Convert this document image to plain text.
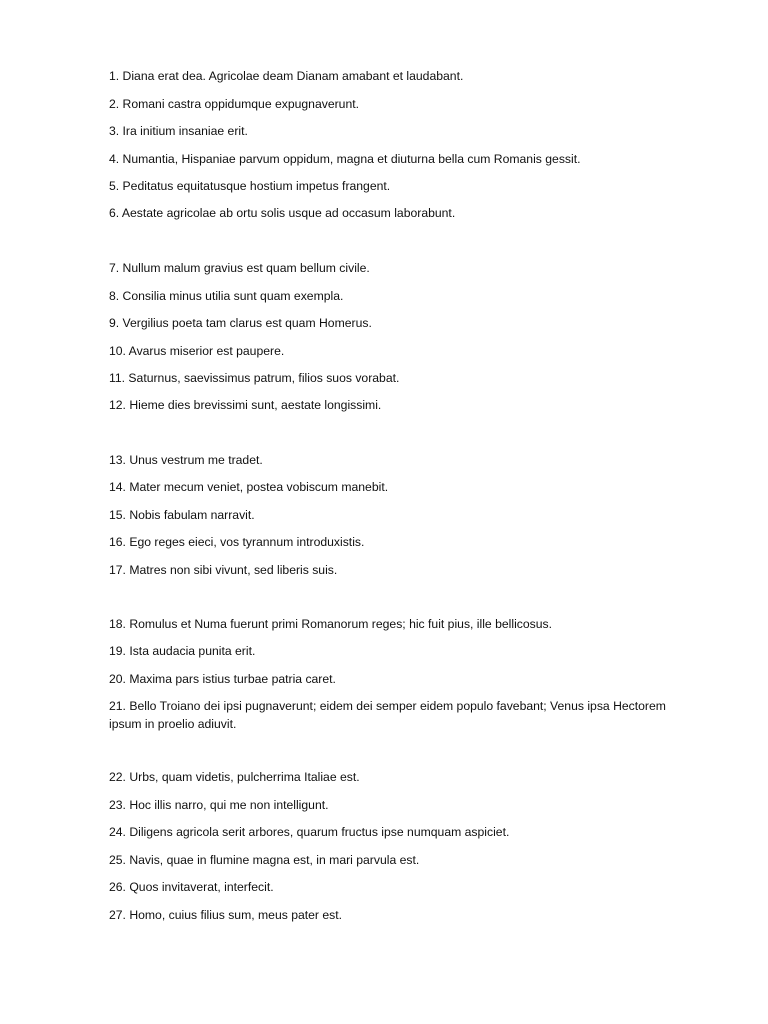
1. Diana erat dea. Agricolae deam Dianam amabant et laudabant.
2. Romani castra oppidumque expugnaverunt.
3. Ira initium insaniae erit.
4. Numantia, Hispaniae parvum oppidum, magna et diuturna bella cum Romanis gessit.
5. Peditatus equitatusque hostium impetus frangent.
6. Aestate agricolae ab ortu solis usque ad occasum laborabunt.
7. Nullum malum gravius est quam bellum civile.
8. Consilia minus utilia sunt quam exempla.
9. Vergilius poeta tam clarus est quam Homerus.
10. Avarus miserior est paupere.
11. Saturnus, saevissimus patrum, filios suos vorabat.
12. Hieme dies brevissimi sunt, aestate longissimi.
13. Unus vestrum me tradet.
14. Mater mecum veniet, postea vobiscum manebit.
15. Nobis fabulam narravit.
16. Ego reges eieci, vos tyrannum introduxistis.
17. Matres non sibi vivunt, sed liberis suis.
18. Romulus et Numa fuerunt primi Romanorum reges; hic fuit pius, ille bellicosus.
19. Ista audacia punita erit.
20. Maxima pars istius turbae patria caret.
21. Bello Troiano dei ipsi pugnaverunt; eidem dei semper eidem populo favebant; Venus ipsa Hectorem ipsum in proelio adiuvit.
22. Urbs, quam videtis, pulcherrima Italiae est.
23. Hoc illis narro, qui me non intelligunt.
24. Diligens agricola serit arbores, quarum fructus ipse numquam aspiciet.
25. Navis, quae in flumine magna est, in mari parvula est.
26. Quos invitaverat, interfecit.
27. Homo, cuius filius sum, meus pater est.
